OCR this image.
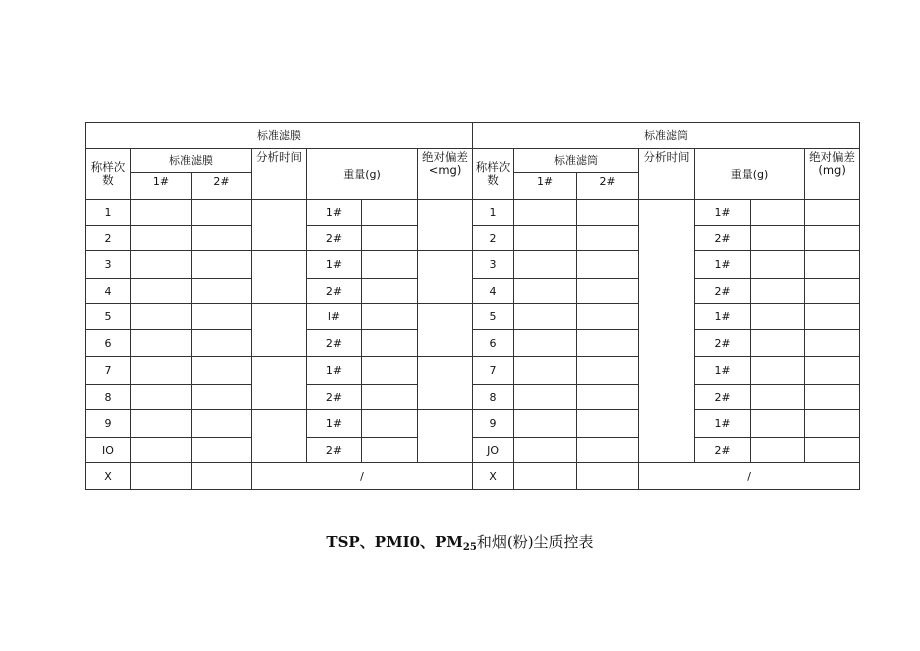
标准滤膜							标准滤筒						
称样次数	标准滤膜		分析时间	重量(g)		绝对偏差<mg)	称样次数	标准滤筒		分析时间	重量(g)		绝对偏差(mg)
	1#	2#						1#	2#				
1				1#			1				1#		
2				2#			2				2#		
3				1#			3				1#		
4				2#			4				2#		
5				l#			5				1#		
6				2#			6				2#		
7				1#			7				1#		
8				2#			8				2#		
9				1#			9				1#		
IO				2#			JO				2#		
X			/				X			/			
TSP、PMI0、$PM_{25}$和烟(粉)尘质控表
